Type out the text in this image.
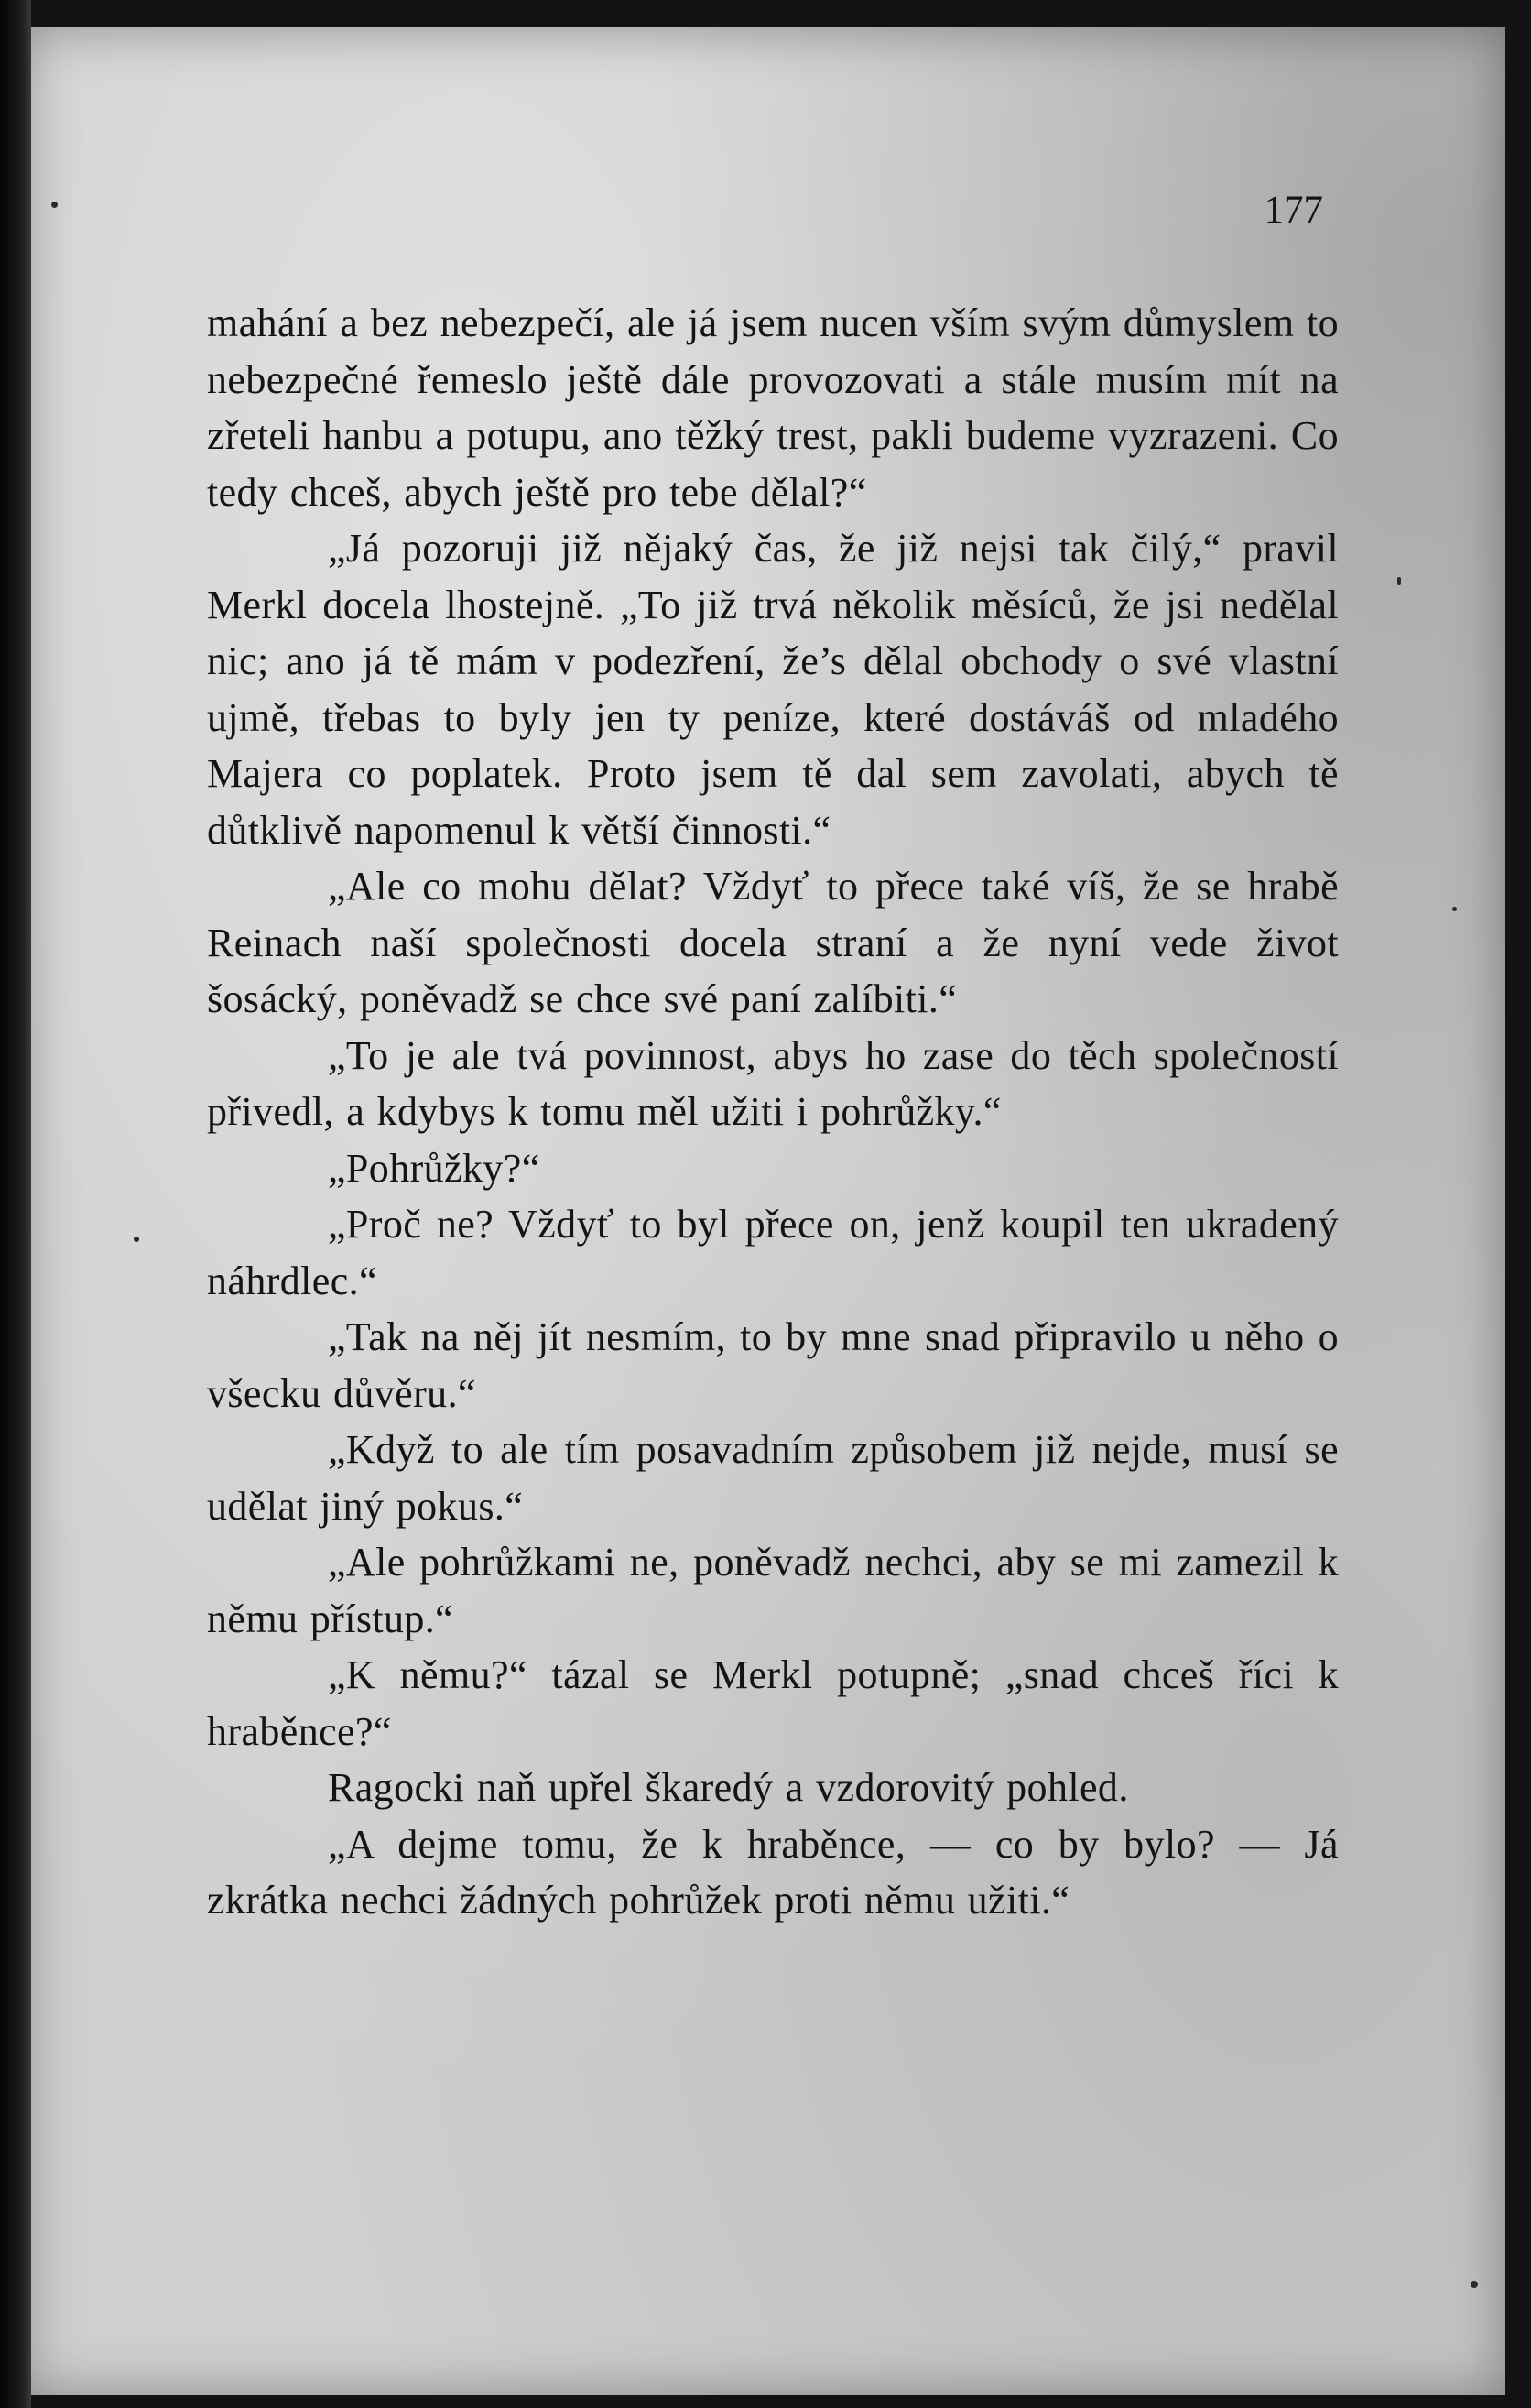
177

mahání a bez nebezpečí, ale já jsem nucen vším svým důmyslem to nebezpečné řemeslo ještě dále provozovati a stále musím mít na zřeteli hanbu a potupu, ano těžký trest, pakli budeme vyzrazeni. Co tedy chceš, abych ještě pro tebe dělal?“

„Já pozoruji již nějaký čas, že již nejsi tak čilý,“ pravil Merkl docela lhostejně. „To již trvá několik měsíců, že jsi nedělal nic; ano já tě mám v podezření, že’s dělal obchody o své vlastní ujmě, třebas to byly jen ty peníze, které dostáváš od mladého Majera co poplatek. Proto jsem tě dal sem zavolati, abych tě důtklivě napomenul k větší činnosti.“

„Ale co mohu dělat? Vždyť to přece také víš, že se hrabě Reinach naší společnosti docela straní a že nyní vede život šosácký, poněvadž se chce své paní zalíbiti.“

„To je ale tvá povinnost, abys ho zase do těch společností přivedl, a kdybys k tomu měl užiti i pohrůžky.“

„Pohrůžky?“

„Proč ne? Vždyť to byl přece on, jenž koupil ten ukradený náhrdlec.“

„Tak na něj jít nesmím, to by mne snad připravilo u něho o všecku důvěru.“

„Když to ale tím posavadním způsobem již nejde, musí se udělat jiný pokus.“

„Ale pohrůžkami ne, poněvadž nechci, aby se mi zamezil k němu přístup.“

„K němu?“ tázal se Merkl potupně; „snad chceš říci k hraběnce?“

Ragocki naň upřel škaredý a vzdorovitý pohled.

„A dejme tomu, že k hraběnce, — co by bylo? — Já zkrátka nechci žádných pohrůžek proti němu užiti.“
